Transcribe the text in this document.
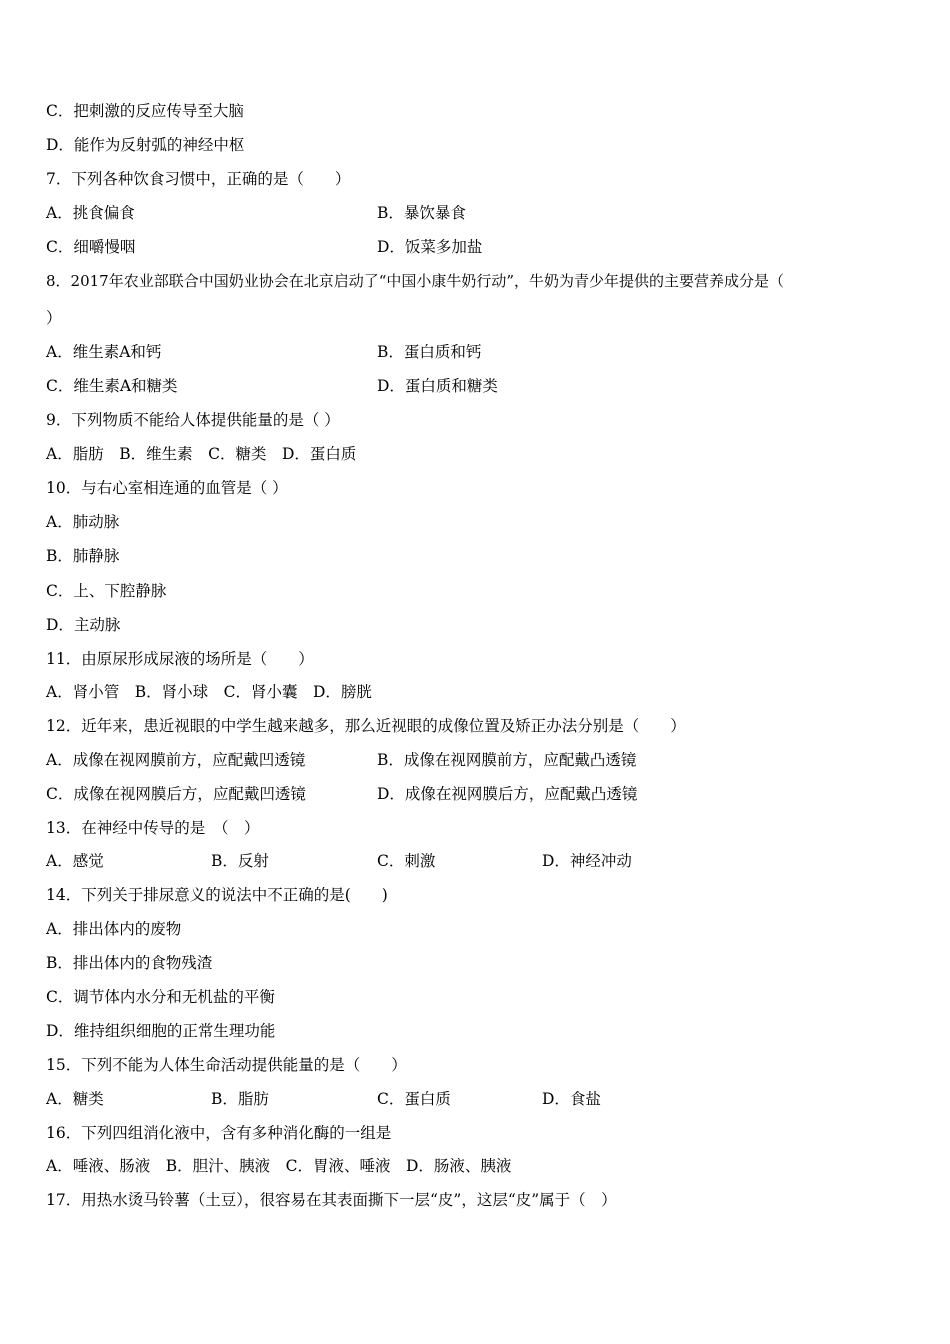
C．把刺激的反应传导至大脑
D．能作为反射弧的神经中枢
7．下列各种饮食习惯中，正确的是（　　）
A．挑食偏食	B．暴饮暴食
C．细嚼慢咽	D．饭菜多加盐
8．2017年农业部联合中国奶业协会在北京启动了“中国小康牛奶行动”，牛奶为青少年提供的主要营养成分是（
）
A．维生素A和钙	B．蛋白质和钙
C．维生素A和糖类	D．蛋白质和糖类
9．下列物质不能给人体提供能量的是（ ）
A．脂肪　B．维生素　C．糖类　D．蛋白质
10．与右心室相连通的血管是（ ）
A．肺动脉
B．肺静脉
C．上、下腔静脉
D．主动脉
11．由原尿形成尿液的场所是（　　）
A．肾小管　B．肾小球　C．肾小囊　D．膀胱
12．近年来，患近视眼的中学生越来越多，那么近视眼的成像位置及矫正办法分别是（　　）
A．成像在视网膜前方，应配戴凹透镜	B．成像在视网膜前方，应配戴凸透镜
C．成像在视网膜后方，应配戴凹透镜	D．成像在视网膜后方，应配戴凸透镜
13．在神经中传导的是　（　）
A．感觉	B．反射	C．刺激	D．神经冲动
14．下列关于排尿意义的说法中不正确的是(　　)
A．排出体内的废物
B．排出体内的食物残渣
C．调节体内水分和无机盐的平衡
D．维持组织细胞的正常生理功能
15．下列不能为人体生命活动提供能量的是（　　）
A．糖类	B．脂肪	C．蛋白质	D．食盐
16．下列四组消化液中，含有多种消化酶的一组是
A．唾液、肠液　B．胆汁、胰液　C．胃液、唾液　D．肠液、胰液
17．用热水烫马铃薯（土豆），很容易在其表面撕下一层“皮”，这层“皮”属于（　）
